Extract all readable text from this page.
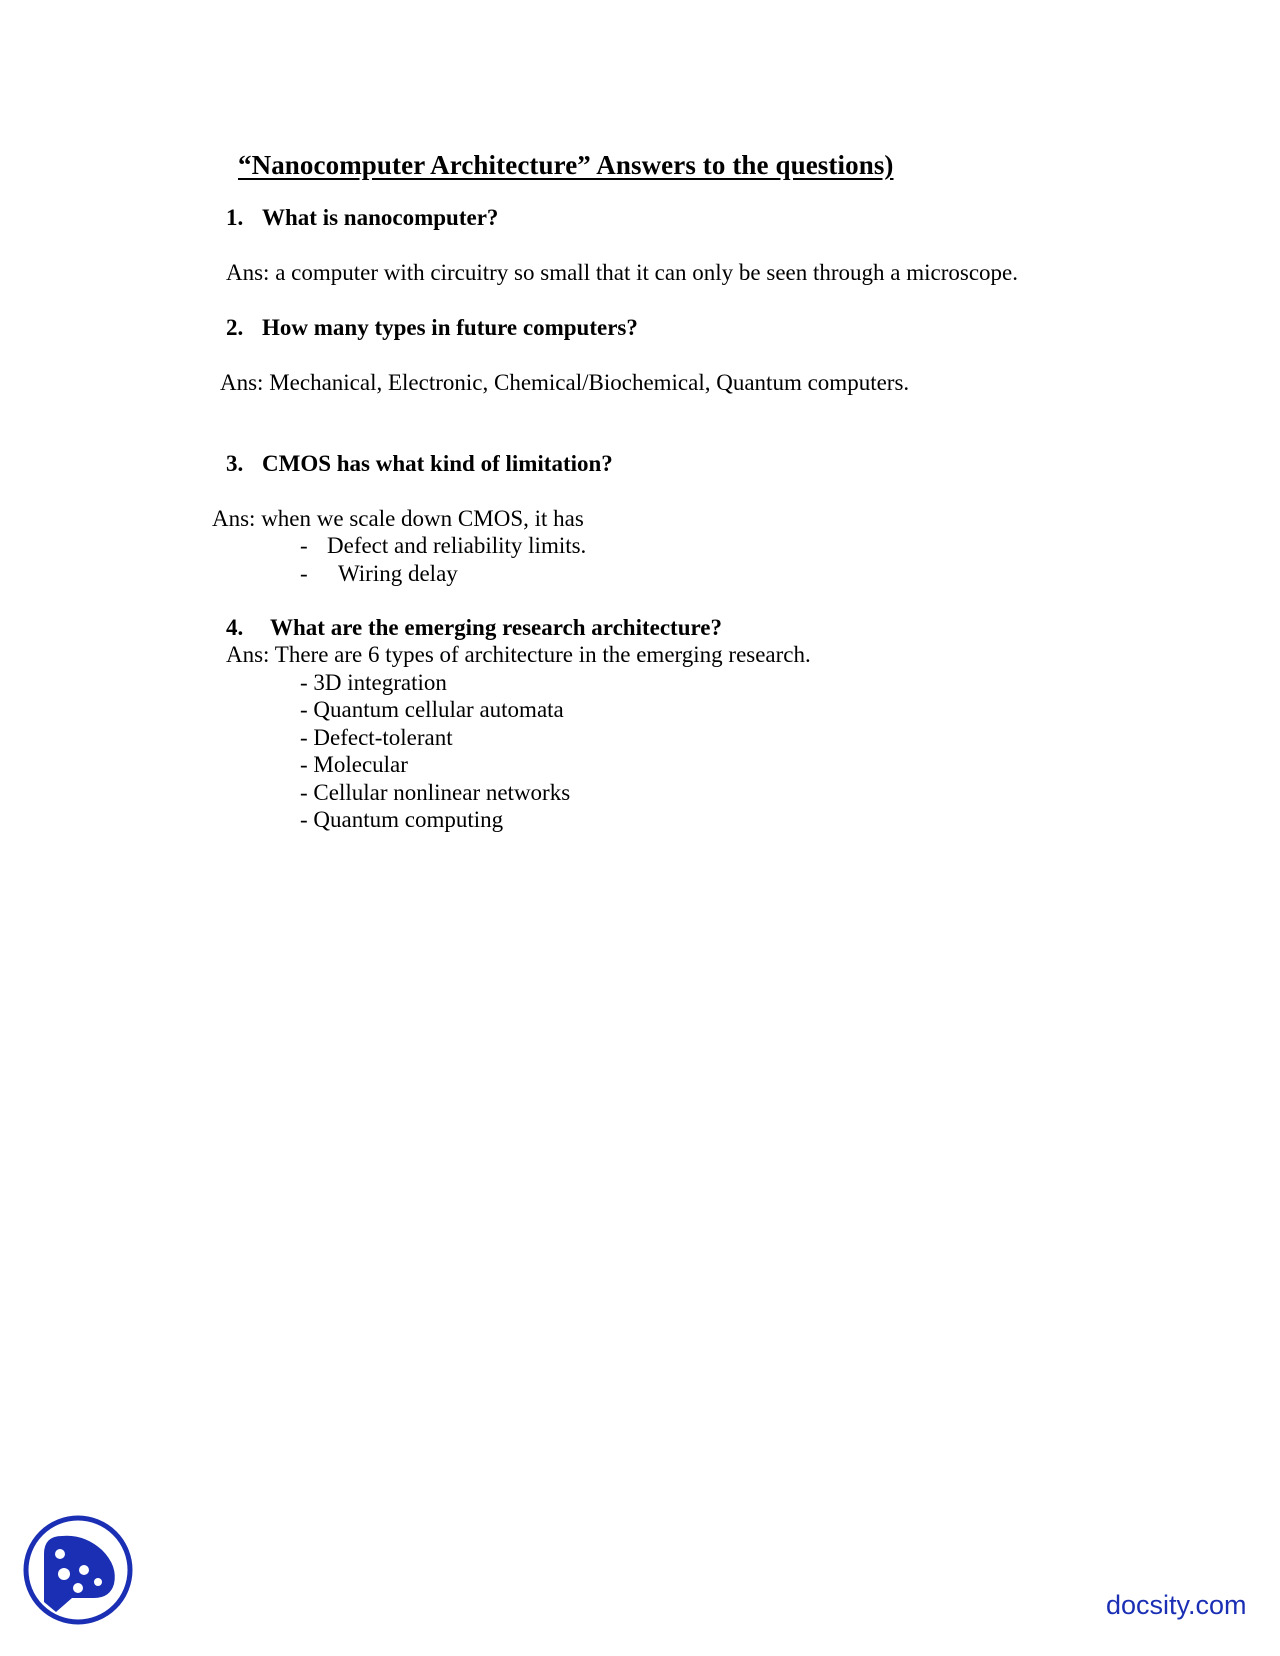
“Nanocomputer Architecture” Answers to the questions)
1. What is nanocomputer?
Ans: a computer with circuitry so small that it can only be seen through a microscope.
2. How many types in future computers?
Ans: Mechanical, Electronic, Chemical/Biochemical, Quantum computers.
3. CMOS has what kind of limitation?
Ans: when we scale down CMOS, it has
- Defect and reliability limits.
- Wiring delay
4. What are the emerging research architecture?
Ans: There are 6 types of architecture in the emerging research.
- 3D integration
- Quantum cellular automata
- Defect-tolerant
- Molecular
- Cellular nonlinear networks
- Quantum computing
docsity.com
